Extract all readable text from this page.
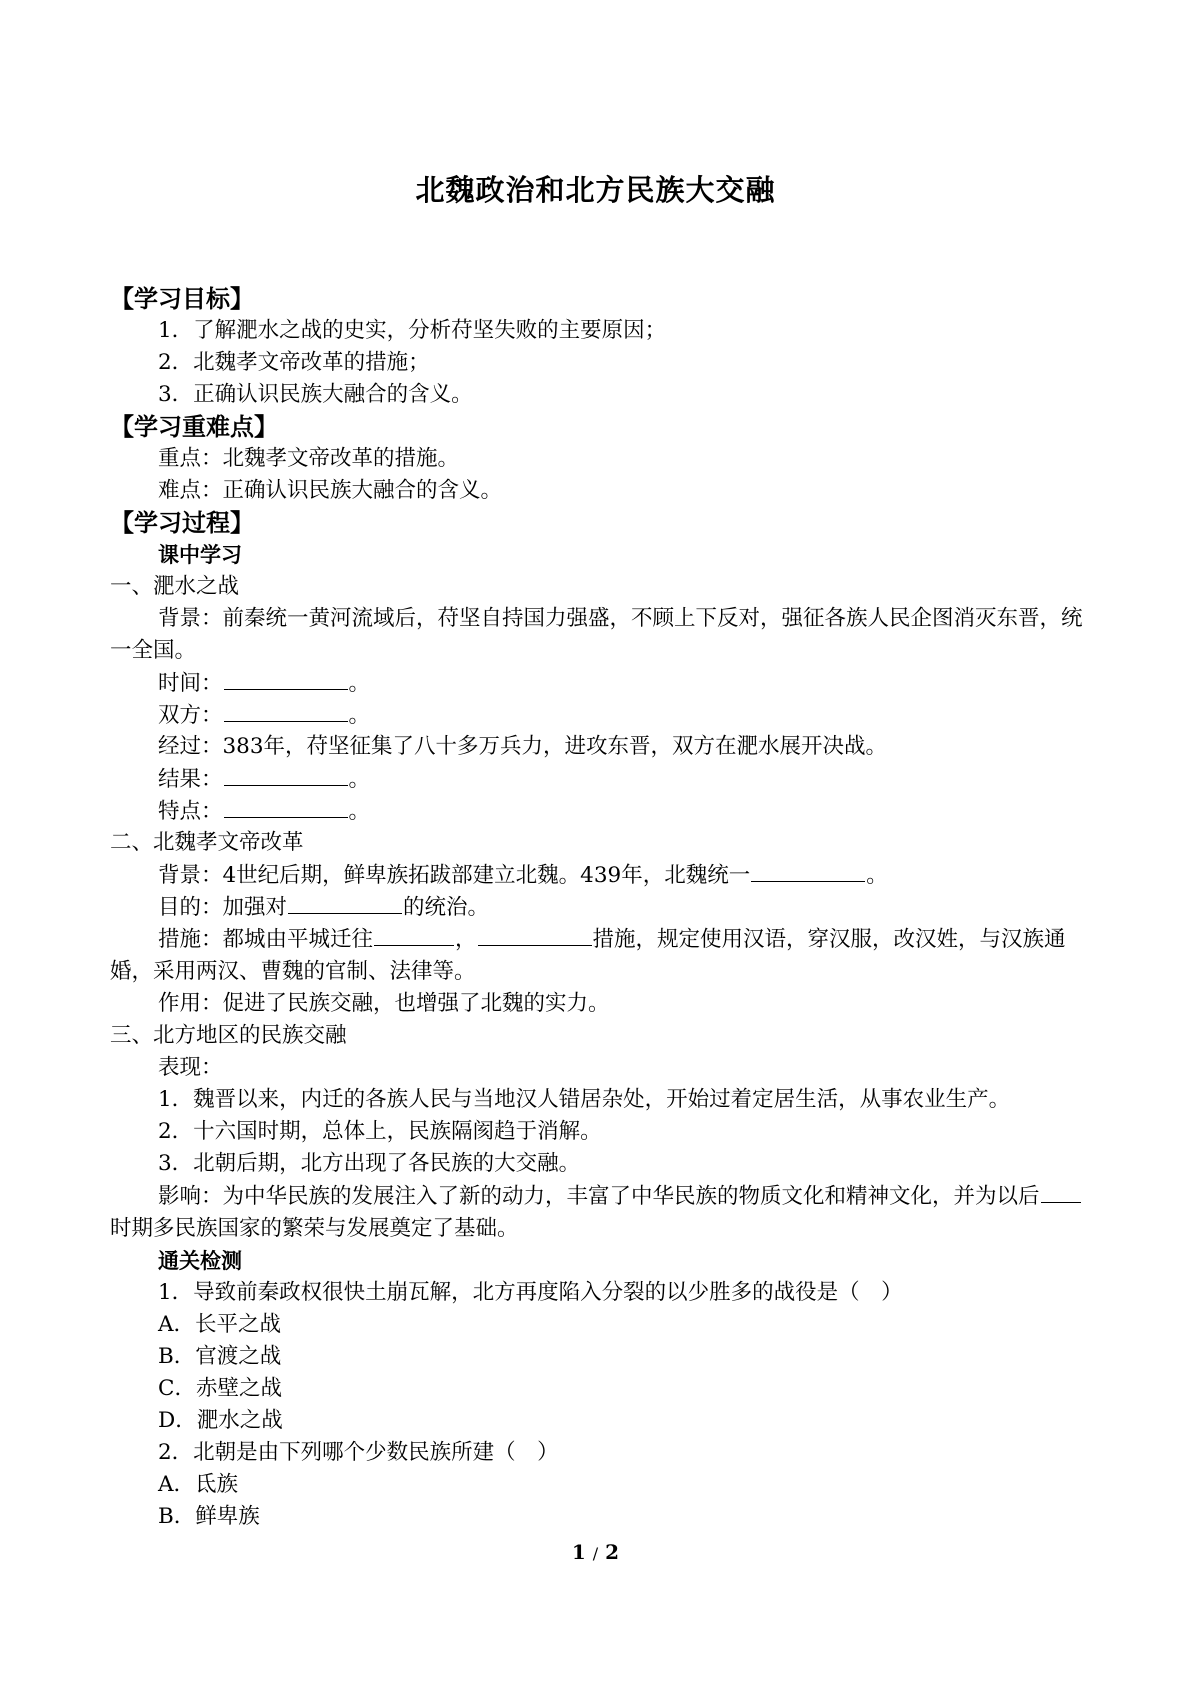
北魏政治和北方民族大交融
【学习目标】
1．了解淝水之战的史实，分析苻坚失败的主要原因；
2．北魏孝文帝改革的措施；
3．正确认识民族大融合的含义。
【学习重难点】
重点：北魏孝文帝改革的措施。
难点：正确认识民族大融合的含义。
【学习过程】
课中学习
一、淝水之战
背景：前秦统一黄河流域后，苻坚自持国力强盛，不顾上下反对，强征各族人民企图消灭东晋，统一全国。
时间：	。
双方：	。
经过：383年，苻坚征集了八十多万兵力，进攻东晋，双方在淝水展开决战。
结果：	。
特点：	。
二、北魏孝文帝改革
背景：4世纪后期，鲜卑族拓跋部建立北魏。439年，北魏统一	。
目的：加强对	的统治。
措施：都城由平城迁往	，	措施，规定使用汉语，穿汉服，改汉姓，与汉族通婚，采用两汉、曹魏的官制、法律等。
作用：促进了民族交融，也增强了北魏的实力。
三、北方地区的民族交融
表现：
1．魏晋以来，内迁的各族人民与当地汉人错居杂处，开始过着定居生活，从事农业生产。
2．十六国时期，总体上，民族隔阂趋于消解。
3．北朝后期，北方出现了各民族的大交融。
影响：为中华民族的发展注入了新的动力，丰富了中华民族的物质文化和精神文化，并为以后时期多民族国家的繁荣与发展奠定了基础。
通关检测
1．导致前秦政权很快土崩瓦解，北方再度陷入分裂的以少胜多的战役是（　）
A．长平之战
B．官渡之战
C．赤壁之战
D．淝水之战
2．北朝是由下列哪个少数民族所建（　）
A．氐族
B．鲜卑族
1 / 2
